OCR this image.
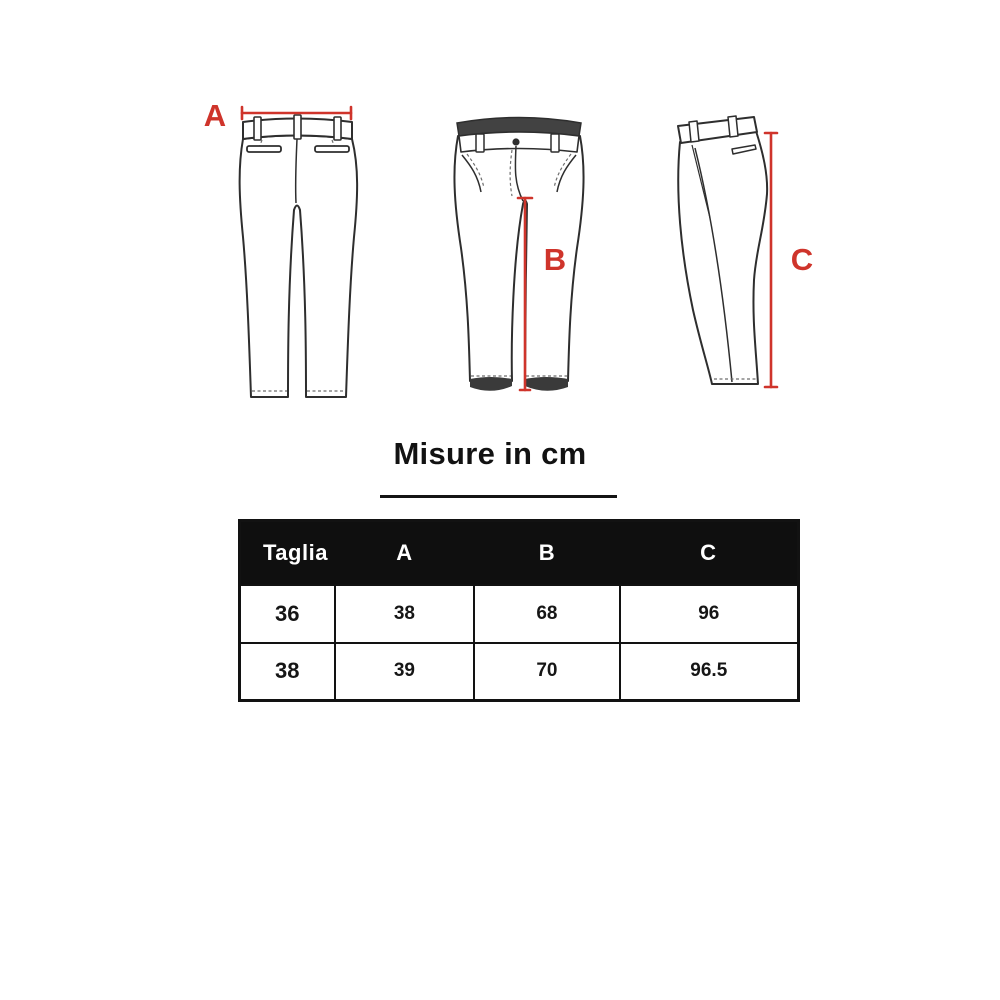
A
B	C
Misure in cm
Taglia	A	B	C
36	38	68	96
38	39	70	96.5
